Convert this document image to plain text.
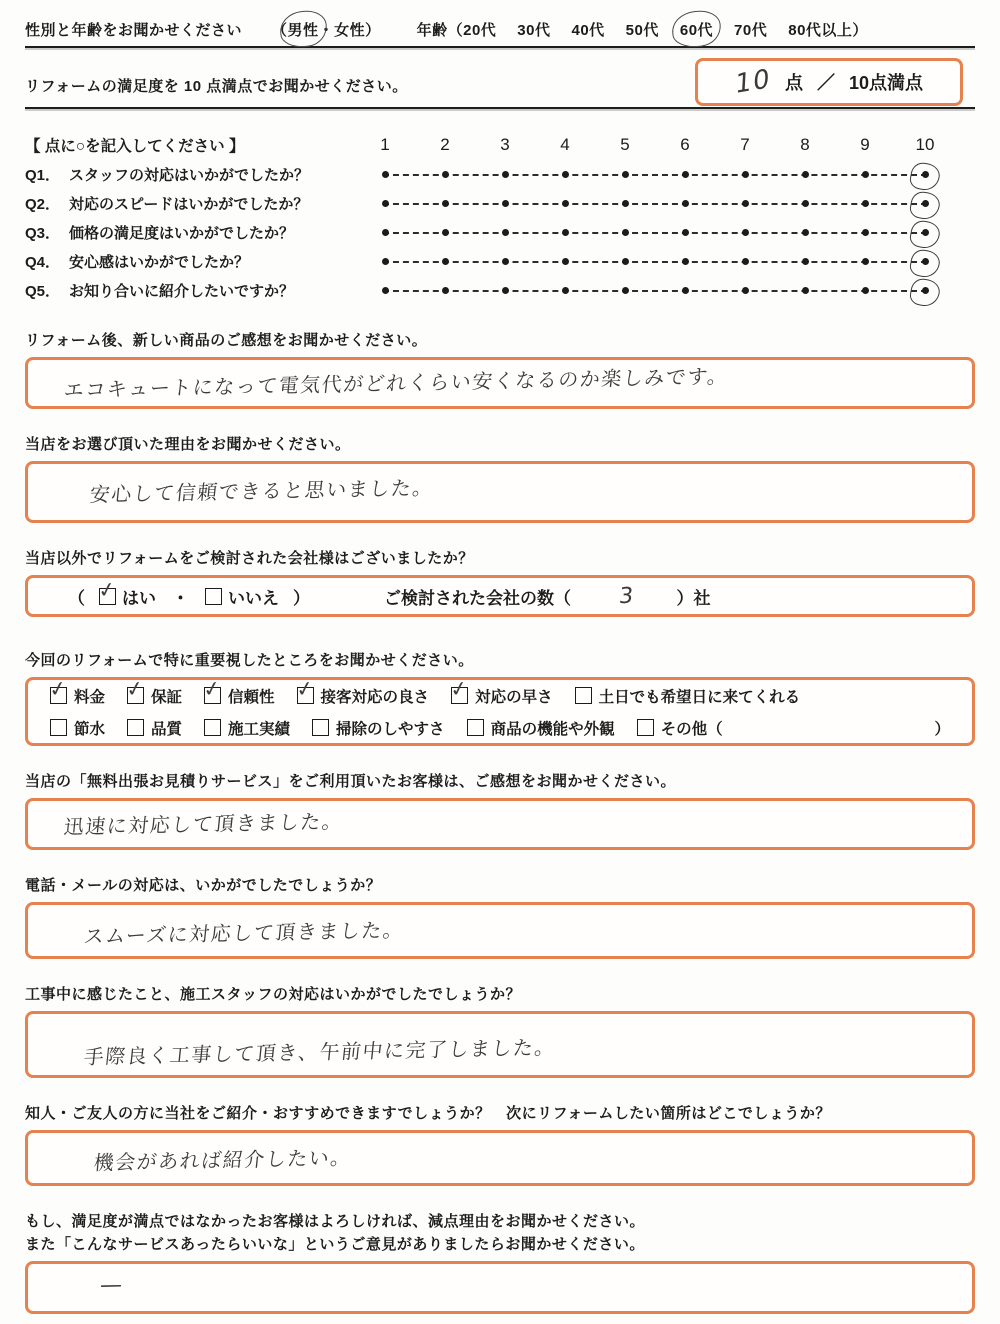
性別と年齢をお聞かせください （男性・女性） 年齢（20代 30代 40代 50代 60代 70代 80代以上）
リフォームの満足度を 10 点満点でお聞かせください。	10 点 ／ 10点満点
【 点に○を記入してください 】	1	2	3	4	5	6	7	8	9	10
Q1． スタッフの対応はいかがでしたか？
Q2． 対応のスピードはいかがでしたか？
Q3． 価格の満足度はいかがでしたか？
Q4． 安心感はいかがでしたか？
Q5． お知り合いに紹介したいですか？
リフォーム後、新しい商品のご感想をお聞かせください。
エコキュートになって電気代がどれくらい安くなるのか楽しみです。
当店をお選び頂いた理由をお聞かせください。
安心して信頼できると思いました。
当店以外でリフォームをご検討された会社様はございましたか？
（ ✓ はい ・ いいえ ）	ご検討された会社の数（ 3 ）社
今回のリフォームで特に重要視したところをお聞かせください。
✓
料金 ✓	保証 ✓	信頼性 ✓	接客対応の良さ ✓	対応の早さ	土日でも希望日に来てくれる
節水	品質	施工実績	掃除のしやすさ	商品の機能や外観	その他（	）
当店の「無料出張お見積りサービス」をご利用頂いたお客様は、ご感想をお聞かせください。
迅速に対応して頂きました。
電話・メールの対応は、いかがでしたでしょうか？
スムーズに対応して頂きました。
工事中に感じたこと、施工スタッフの対応はいかがでしたでしょうか？
手際良く工事して頂き、午前中に完了しました。
知人・ご友人の方に当社をご紹介・おすすめできますでしょうか？　次にリフォームしたい箇所はどこでしょうか？
機会があれば紹介したい。
もし、満足度が満点ではなかったお客様はよろしければ、減点理由をお聞かせください。
また「こんなサービスあったらいいな」というご意見がありましたらお聞かせください。
—
